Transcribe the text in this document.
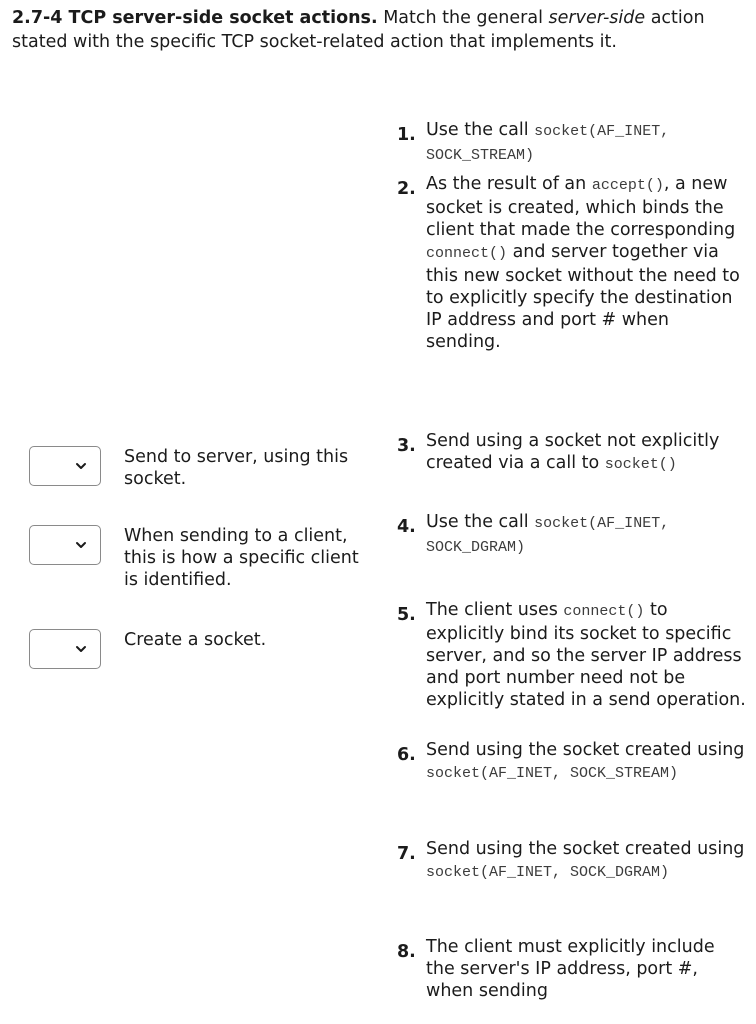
2.7-4 TCP server-side socket actions. Match the general server-side action stated with the specific TCP socket-related action that implements it.

Send to server, using this socket.

When sending to a client, this is how a specific client is identified.

Create a socket.

1. Use the call socket(AF_INET, SOCK_STREAM)

2. As the result of an accept(), a new socket is created, which binds the client that made the corresponding connect() and server together via this new socket without the need to to explicitly specify the destination IP address and port # when sending.

3. Send using a socket not explicitly created via a call to socket()

4. Use the call socket(AF_INET, SOCK_DGRAM)

5. The client uses connect() to explicitly bind its socket to specific server, and so the server IP address and port number need not be explicitly stated in a send operation.

6. Send using the socket created using socket(AF_INET, SOCK_STREAM)

7. Send using the socket created using socket(AF_INET, SOCK_DGRAM)

8. The client must explicitly include the server's IP address, port #, when sending
